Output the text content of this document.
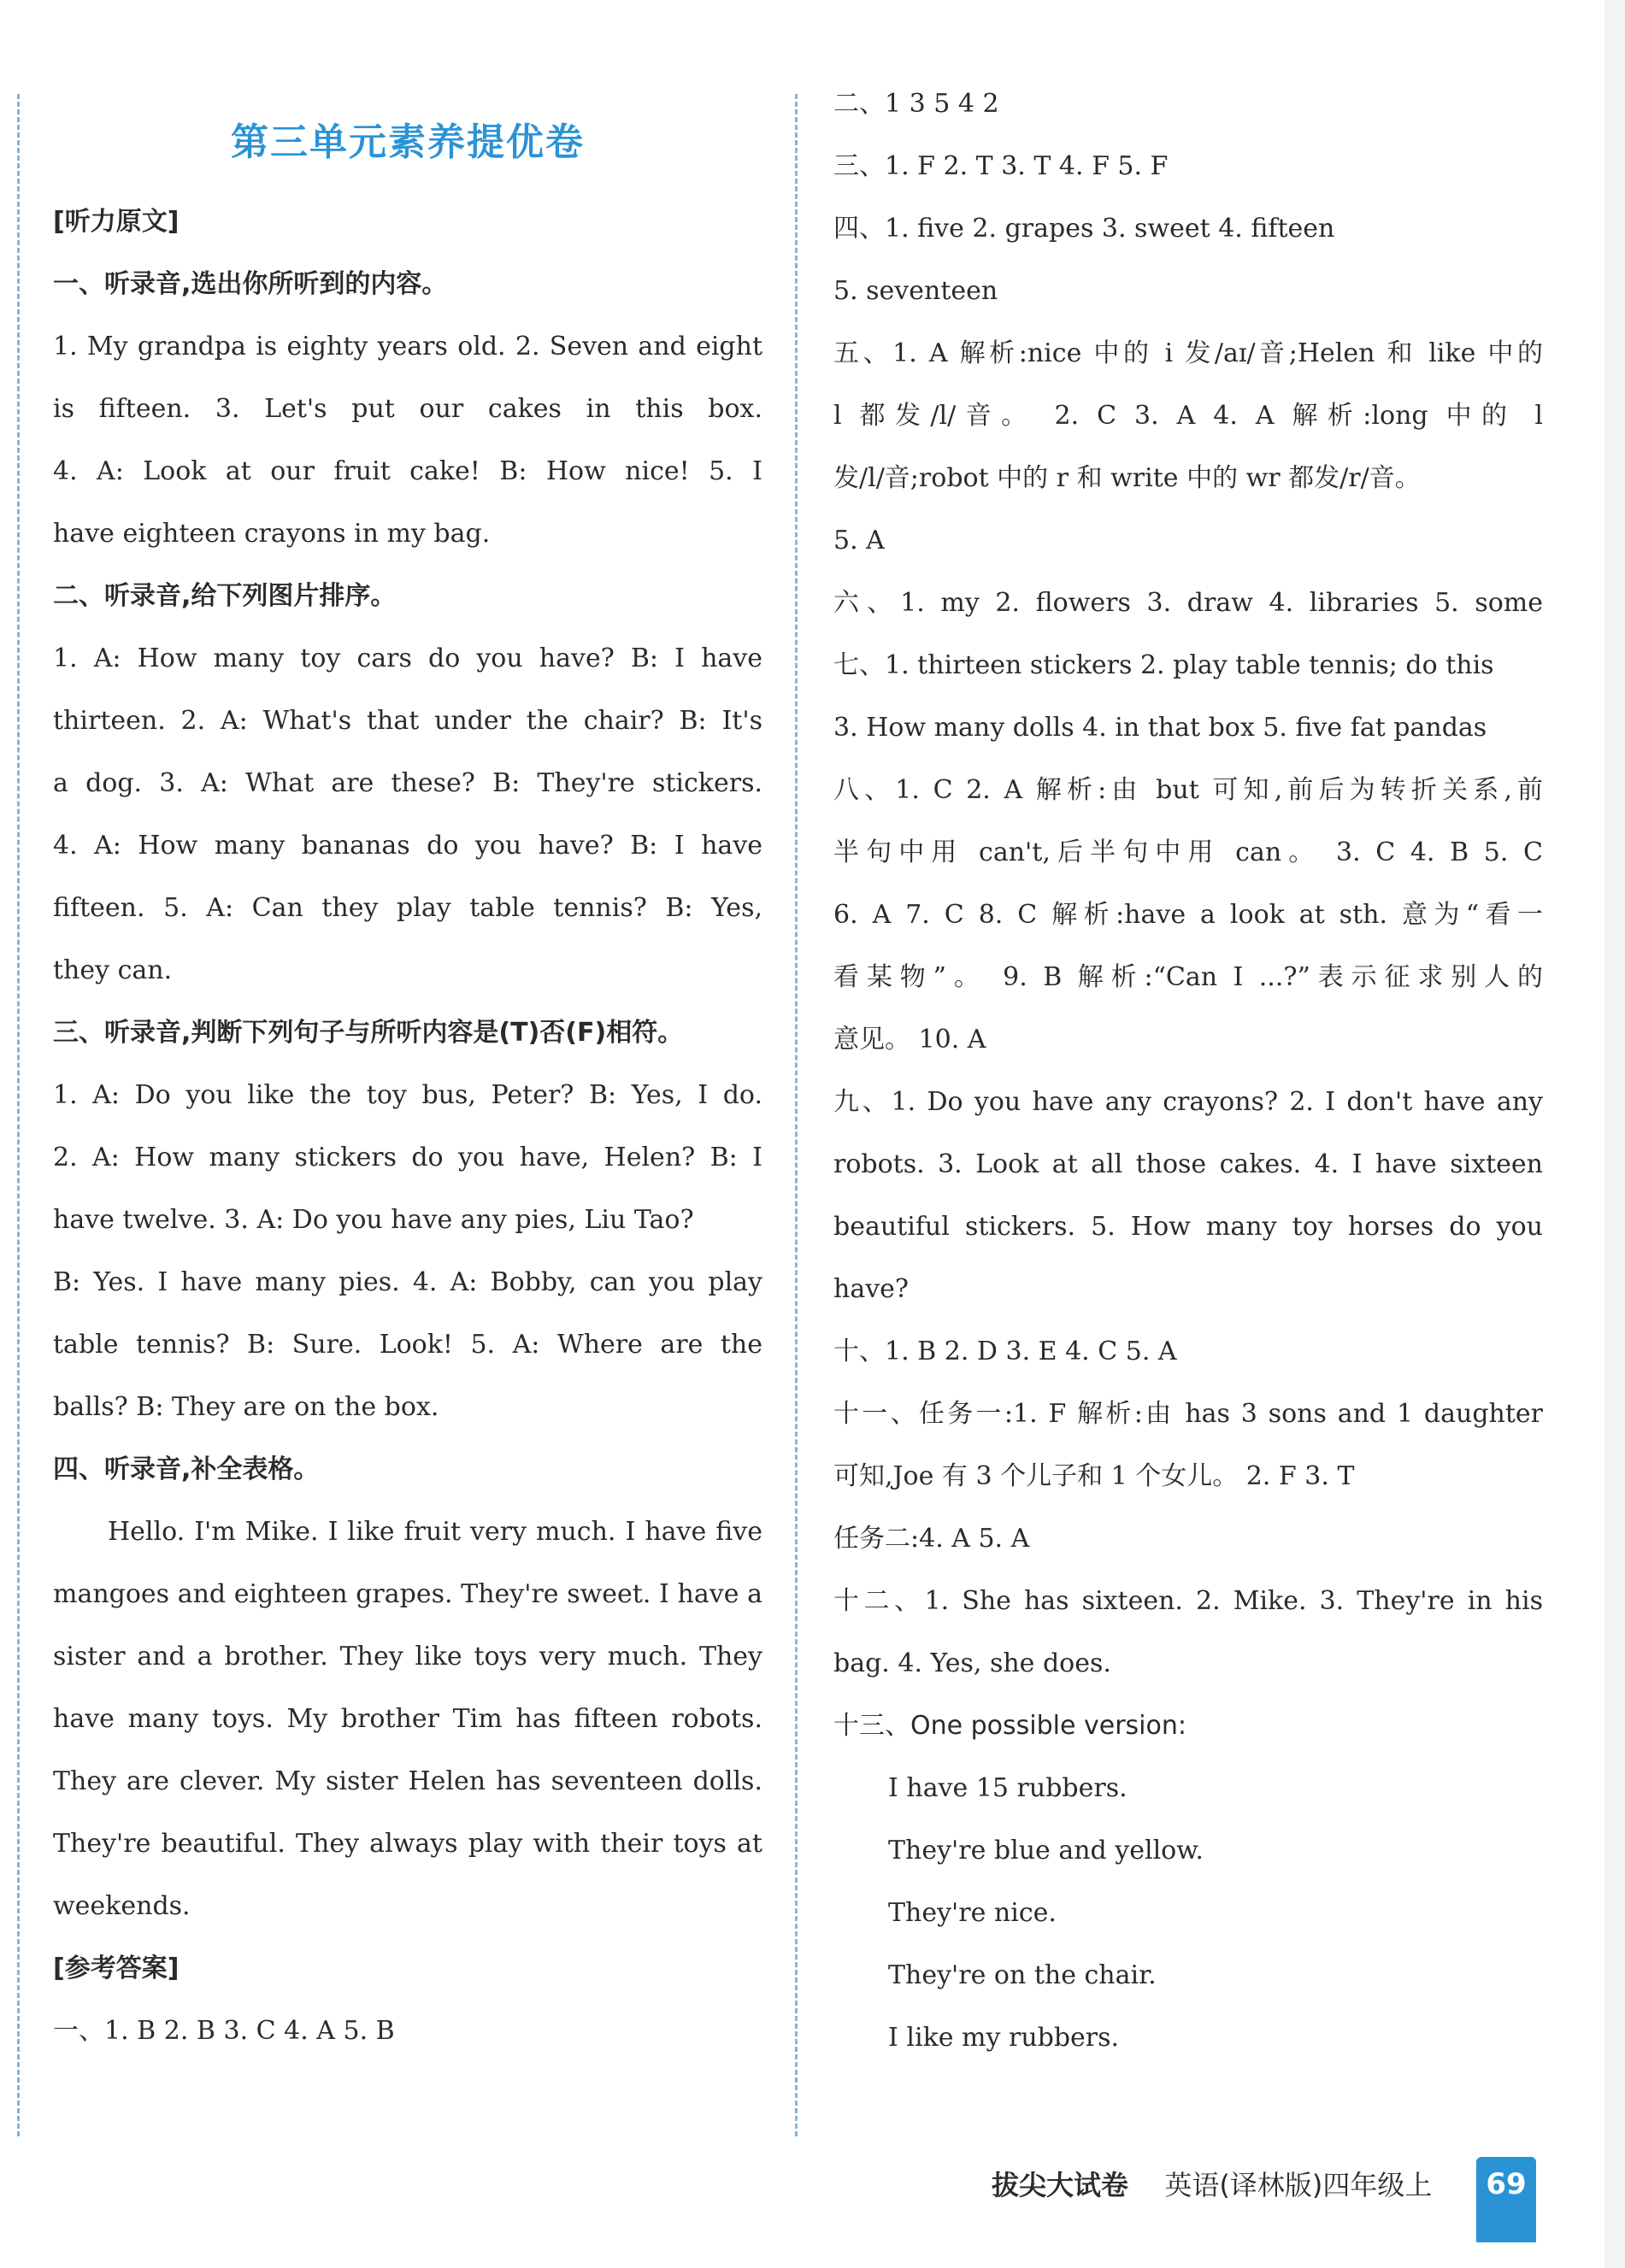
第三单元素养提优卷
[听力原文]
一、听录音,选出你所听到的内容。
1. My grandpa is eighty years old. 2. Seven and eight
is fifteen. 3. Let's put our cakes in this box.
4. A: Look at our fruit cake! B: How nice! 5. I
have eighteen crayons in my bag.
二、听录音,给下列图片排序。
1. A: How many toy cars do you have? B: I have
thirteen. 2. A: What's that under the chair? B: It's
a dog. 3. A: What are these? B: They're stickers.
4. A: How many bananas do you have? B: I have
fifteen. 5. A: Can they play table tennis? B: Yes,
they can.
三、听录音,判断下列句子与所听内容是(T)否(F)相符。
1. A: Do you like the toy bus, Peter? B: Yes, I do.
2. A: How many stickers do you have, Helen? B: I
have twelve. 3. A: Do you have any pies, Liu Tao?
B: Yes. I have many pies. 4. A: Bobby, can you play
table tennis? B: Sure. Look! 5. A: Where are the
balls? B: They are on the box.
四、听录音,补全表格。
Hello. I'm Mike. I like fruit very much. I have five
mangoes and eighteen grapes. They're sweet. I have a
sister and a brother. They like toys very much. They
have many toys. My brother Tim has fifteen robots.
They are clever. My sister Helen has seventeen dolls.
They're beautiful. They always play with their toys at
weekends.
[参考答案]
一、1. B 2. B 3. C 4. A 5. B
二、1 3 5 4 2
三、1. F 2. T 3. T 4. F 5. F
四、1. five 2. grapes 3. sweet 4. fifteen
5. seventeen
五、1. A 解析:nice 中的 i 发/aɪ/音;Helen 和 like 中的
l 都发/l/音。 2. C 3. A 4. A 解析:long 中的 l
发/l/音;robot 中的 r 和 write 中的 wr 都发/r/音。
5. A
六、1. my 2. flowers 3. draw 4. libraries 5. some
七、1. thirteen stickers 2. play table tennis; do this
3. How many dolls 4. in that box 5. five fat pandas
八、1. C 2. A 解析:由 but 可知,前后为转折关系,前
半句中用 can't,后半句中用 can。 3. C 4. B 5. C
6. A 7. C 8. C 解析:have a look at sth. 意为“看一
看某物”。 9. B 解析:“Can I ...?”表示征求别人的
意见。 10. A
九、1. Do you have any crayons? 2. I don't have any
robots. 3. Look at all those cakes. 4. I have sixteen
beautiful stickers. 5. How many toy horses do you
have?
十、1. B 2. D 3. E 4. C 5. A
十一、任务一:1. F 解析:由 has 3 sons and 1 daughter
可知,Joe 有 3 个儿子和 1 个女儿。 2. F 3. T
任务二:4. A 5. A
十二、1. She has sixteen. 2. Mike. 3. They're in his
bag. 4. Yes, she does.
十三、One possible version:
I have 15 rubbers.
They're blue and yellow.
They're nice.
They're on the chair.
I like my rubbers.
拔尖大试卷 英语(译林版)四年级上	69
